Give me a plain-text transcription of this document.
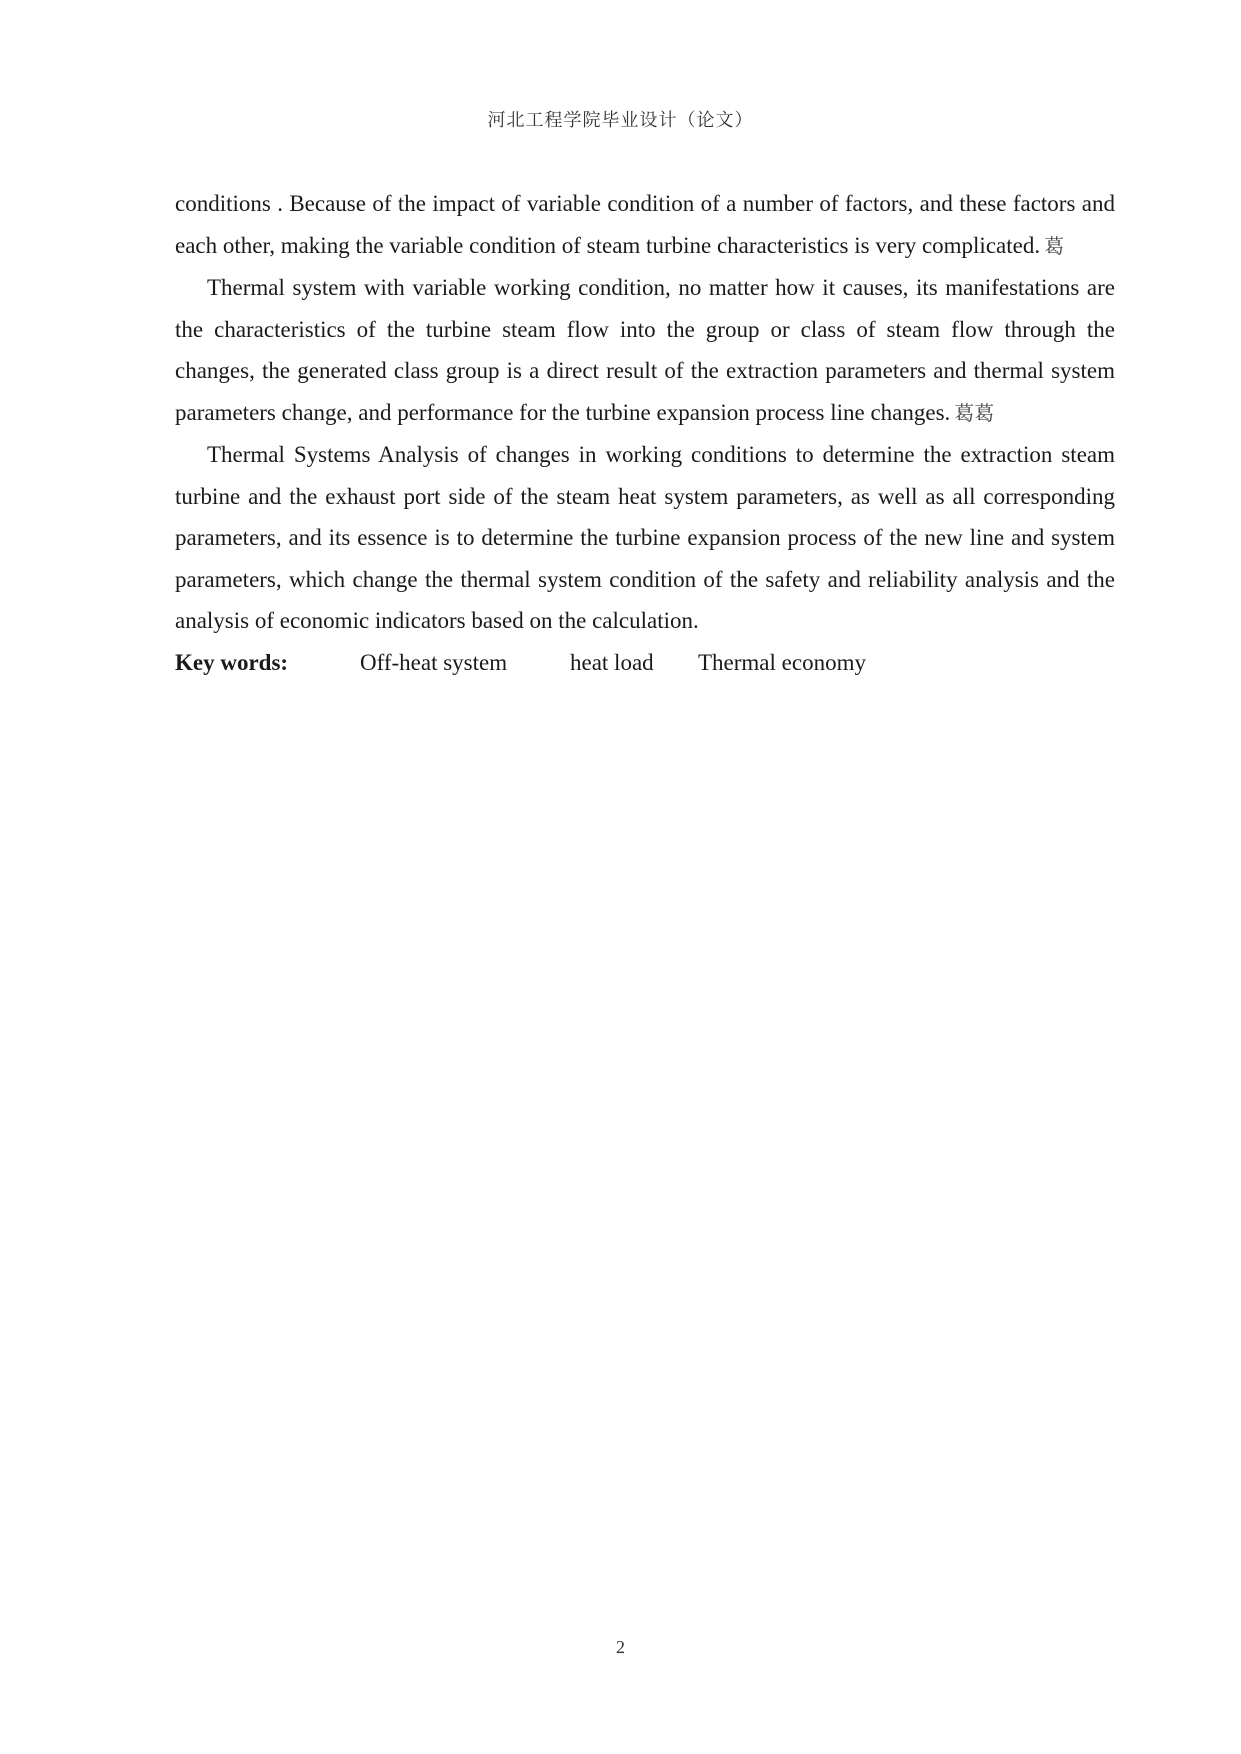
河北工程学院毕业设计（论文）

conditions . Because of the impact of variable condition of a number of factors, and these factors and each other, making the variable condition of steam turbine characteristics is very complicated. 葛

Thermal system with variable working condition, no matter how it causes, its manifestations are the characteristics of the turbine steam flow into the group or class of steam flow through the changes, the generated class group is a direct result of the extraction parameters and thermal system parameters change, and performance for the turbine expansion process line changes. 葛葛

Thermal Systems Analysis of changes in working conditions to determine the extraction steam turbine and the exhaust port side of the steam heat system parameters, as well as all corresponding parameters, and its essence is to determine the turbine expansion process of the new line and system parameters, which change the thermal system condition of the safety and reliability analysis and the analysis of economic indicators based on the calculation.

Key words:	Off-heat system	heat load Thermal economy

2
